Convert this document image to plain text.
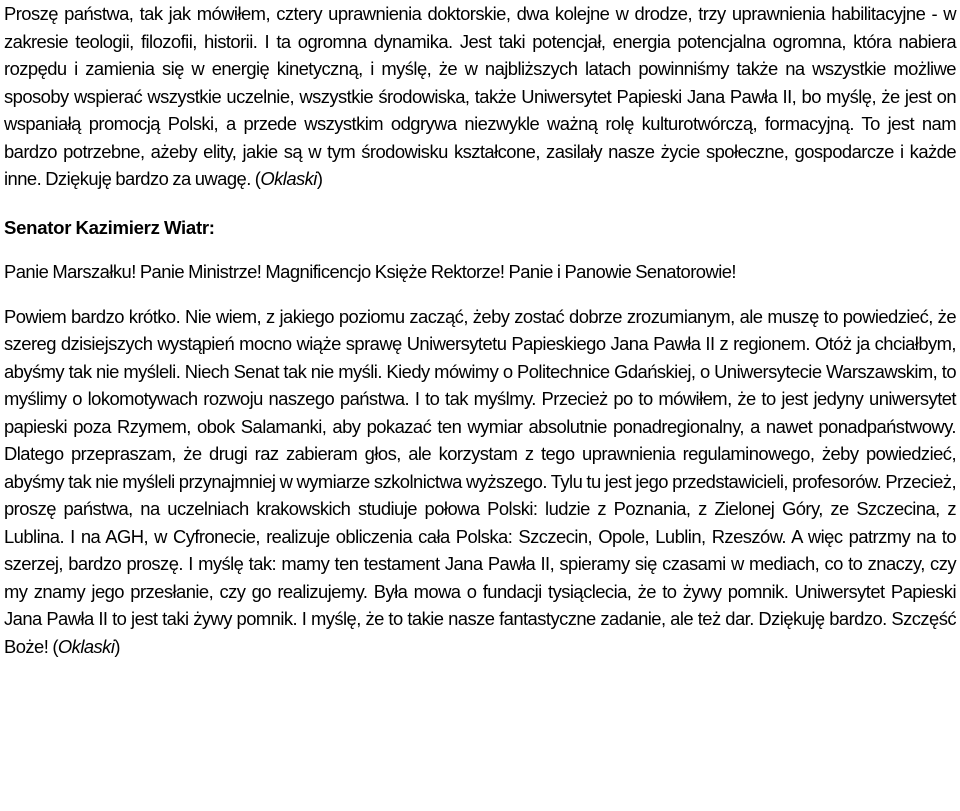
Proszę państwa, tak jak mówiłem, cztery uprawnienia doktorskie, dwa kolejne w drodze, trzy uprawnienia habilitacyjne - w zakresie teologii, filozofii, historii. I ta ogromna dynamika. Jest taki potencjał, energia potencjalna ogromna, która nabiera rozpędu i zamienia się w energię kinetyczną, i myślę, że w najbliższych latach powinniśmy także na wszystkie możliwe sposoby wspierać wszystkie uczelnie, wszystkie środowiska, także Uniwersytet Papieski Jana Pawła II, bo myślę, że jest on wspaniałą promocją Polski, a przede wszystkim odgrywa niezwykle ważną rolę kulturotwórczą, formacyjną. To jest nam bardzo potrzebne, ażeby elity, jakie są w tym środowisku kształcone, zasilały nasze życie społeczne, gospodarcze i każde inne. Dziękuję bardzo za uwagę. (Oklaski)

Senator Kazimierz Wiatr:

Panie Marszałku! Panie Ministrze! Magnificencjo Księże Rektorze! Panie i Panowie Senatorowie!

Powiem bardzo krótko. Nie wiem, z jakiego poziomu zacząć, żeby zostać dobrze zrozumianym, ale muszę to powiedzieć, że szereg dzisiejszych wystąpień mocno wiąże sprawę Uniwersytetu Papieskiego Jana Pawła II z regionem. Otóż ja chciałbym, abyśmy tak nie myśleli. Niech Senat tak nie myśli. Kiedy mówimy o Politechnice Gdańskiej, o Uniwersytecie Warszawskim, to myślimy o lokomotywach rozwoju naszego państwa. I to tak myślmy. Przecież po to mówiłem, że to jest jedyny uniwersytet papieski poza Rzymem, obok Salamanki, aby pokazać ten wymiar absolutnie ponadregionalny, a nawet ponadpaństwowy. Dlatego przepraszam, że drugi raz zabieram głos, ale korzystam z tego uprawnienia regulaminowego, żeby powiedzieć, abyśmy tak nie myśleli przynajmniej w wymiarze szkolnictwa wyższego. Tylu tu jest jego przedstawicieli, profesorów. Przecież, proszę państwa, na uczelniach krakowskich studiuje połowa Polski: ludzie z Poznania, z Zielonej Góry, ze Szczecina, z Lublina. I na AGH, w Cyfronecie, realizuje obliczenia cała Polska: Szczecin, Opole, Lublin, Rzeszów. A więc patrzmy na to szerzej, bardzo proszę. I myślę tak: mamy ten testament Jana Pawła II, spieramy się czasami w mediach, co to znaczy, czy my znamy jego przesłanie, czy go realizujemy. Była mowa o fundacji tysiąclecia, że to żywy pomnik. Uniwersytet Papieski Jana Pawła II to jest taki żywy pomnik. I myślę, że to takie nasze fantastyczne zadanie, ale też dar. Dziękuję bardzo. Szczęść Boże! (Oklaski)
